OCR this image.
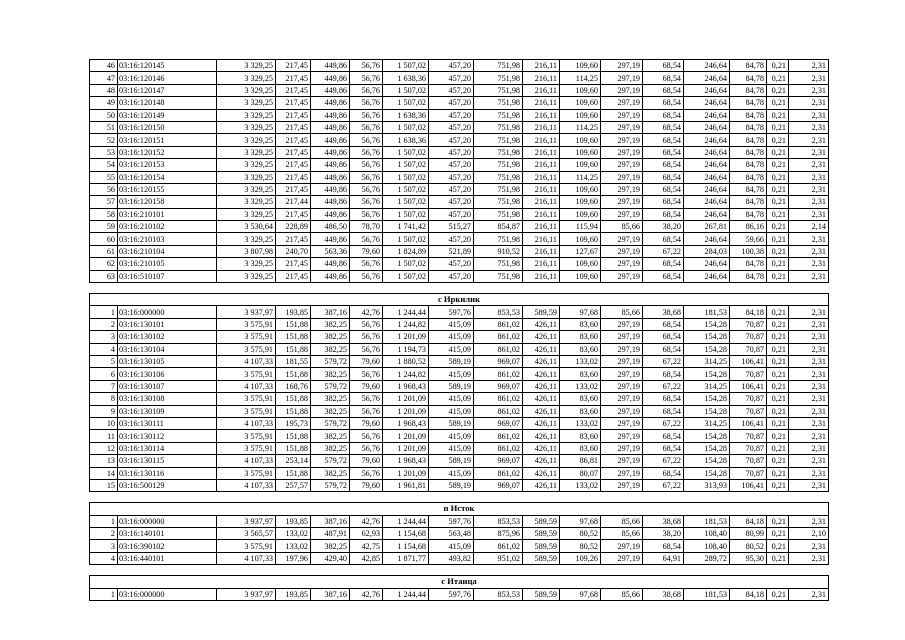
46	03:16:120145	3 329,25	217,45	449,86	56,76	1 507,02	457,20	751,98	216,11	109,60	297,19	68,54	246,64	84,78	0,21	2,31
47	03:16:120146	3 329,25	217,45	449,86	56,76	1 638,36	457,20	751,98	216,11	114,25	297,19	68,54	246,64	84,78	0,21	2,31
48	03:16:120147	3 329,25	217,45	449,86	56,76	1 507,02	457,20	751,98	216,11	109,60	297,19	68,54	246,64	84,78	0,21	2,31
49	03:16:120148	3 329,25	217,45	449,86	56,76	1 507,02	457,20	751,98	216,11	109,60	297,19	68,54	246,64	84,78	0,21	2,31
50	03:16:120149	3 329,25	217,45	449,86	56,76	1 638,36	457,20	751,98	216,11	109,60	297,19	68,54	246,64	84,78	0,21	2,31
51	03:16:120150	3 329,25	217,45	449,86	56,76	1 507,02	457,20	751,98	216,11	114,25	297,19	68,54	246,64	84,78	0,21	2,31
52	03:16:120151	3 329,25	217,45	449,86	56,76	1 638,36	457,20	751,98	216,11	109,60	297,19	68,54	246,64	84,78	0,21	2,31
53	03:16:120152	3 329,25	217,45	449,86	56,76	1 507,02	457,20	751,98	216,11	109,60	297,19	68,54	246,64	84,78	0,21	2,31
54	03:16:120153	3 329,25	217,45	449,86	56,76	1 507,02	457,20	751,98	216,11	109,60	297,19	68,54	246,64	84,78	0,21	2,31
55	03:16:120154	3 329,25	217,45	449,86	56,76	1 507,02	457,20	751,98	216,11	114,25	297,19	68,54	246,64	84,78	0,21	2,31
56	03:16:120155	3 329,25	217,45	449,86	56,76	1 507,02	457,20	751,98	216,11	109,60	297,19	68,54	246,64	84,78	0,21	2,31
57	03:16:120158	3 329,25	217,44	449,86	56,76	1 507,02	457,20	751,98	216,11	109,60	297,19	68,54	246,64	84,78	0,21	2,31
58	03:16:210101	3 329,25	217,45	449,86	56,76	1 507,02	457,20	751,98	216,11	109,60	297,19	68,54	246,64	84,78	0,21	2,31
59	03:16:210102	3 530,64	228,89	486,50	78,70	1 741,42	515,27	854,87	216,11	115,94	85,66	38,20	267,81	86,16	0,21	2,14
60	03:16:210103	3 329,25	217,45	449,86	56,76	1 507,02	457,20	751,98	216,11	109,60	297,19	68,54	246,64	59,66	0,21	2,31
61	03:16:210104	3 807,98	240,70	563,36	79,60	1 824,89	521,89	910,52	216,11	127,67	297,19	67,22	284,03	100,38	0,21	2,31
62	03:16:210105	3 329,25	217,45	449,86	56,76	1 507,02	457,20	751,98	216,11	109,60	297,19	68,54	246,64	84,78	0,21	2,31
63	03:16:510107	3 329,25	217,45	449,86	56,76	1 507,02	457,20	751,98	216,11	109,60	297,19	68,54	246,64	84,78	0,21	2,31

с Иркилик																
1	03:16:000000	3 937,97	193,85	387,16	42,76	1 244,44	597,76	853,53	589,59	97,68	85,66	38,68	181,53	84,18	0,21	2,31
2	03:16:130101	3 575,91	151,88	382,25	56,76	1 244,82	415,09	861,02	426,11	83,60	297,19	68,54	154,28	70,87	0,21	2,31
3	03:16:130102	3 575,91	151,88	382,25	56,76	1 201,09	415,09	861,02	426,11	83,60	297,19	68,54	154,28	70,87	0,21	2,31
4	03:16:130104	3 575,91	151,88	382,25	56,76	1 194,73	415,09	861,02	426,11	83,60	297,19	68,54	154,28	70,87	0,21	2,31
5	03:16:130105	4 107,33	181,55	579,72	79,60	1 880,52	589,19	969,07	426,11	133,02	297,19	67,22	314,25	106,41	0,21	2,31
6	03:16:130106	3 575,91	151,88	382,25	56,76	1 244,82	415,09	861,02	426,11	83,60	297,19	68,54	154,28	70,87	0,21	2,31
7	03:16:130107	4 107,33	168,76	579,72	79,60	1 968,43	589,19	969,07	426,11	133,02	297,19	67,22	314,25	106,41	0,21	2,31
8	03:16:130108	3 575,91	151,88	382,25	56,76	1 201,09	415,09	861,02	426,11	83,60	297,19	68,54	154,28	70,87	0,21	2,31
9	03:16:130109	3 575,91	151,88	382,25	56,76	1 201,09	415,09	861,02	426,11	83,60	297,19	68,54	154,28	70,87	0,21	2,31
10	03:16:130111	4 107,33	195,73	579,72	79,60	1 968,43	589,19	969,07	426,11	133,02	297,19	67,22	314,25	106,41	0,21	2,31
11	03:16:130112	3 575,91	151,88	382,25	56,76	1 201,09	415,09	861,02	426,11	83,60	297,19	68,54	154,28	70,87	0,21	2,31
12	03:16:130114	3 575,91	151,88	382,25	56,76	1 201,09	415,09	861,02	426,11	83,60	297,19	68,54	154,28	70,87	0,21	2,31
13	03:16:130115	4 107,33	253,14	579,72	79,60	1 968,43	589,19	969,07	426,11	86,81	297,19	67,22	154,28	70,87	0,21	2,31
14	03:16:130116	3 575,91	151,88	382,25	56,76	1 201,09	415,09	861,02	426,11	80,07	297,19	68,54	154,28	70,87	0,21	2,31
15	03:16:500129	4 107,33	257,57	579,72	79,60	1 961,81	589,19	969,07	426,11	133,02	297,19	67,22	313,93	106,41	0,21	2,31

п Исток																
1	03:16:000000	3 937,97	193,85	387,16	42,76	1 244,44	597,76	853,53	589,59	97,68	85,66	38,68	181,53	84,18	0,21	2,31
2	03:16:140101	3 565,57	133,02	487,91	62,93	1 154,68	563,48	875,96	589,59	80,52	85,66	38,20	108,40	80,99	0,21	2,10
3	03:16:390102	3 575,91	133,02	382,25	42,75	1 154,68	415,09	861,02	589,59	80,52	297,19	68,54	108,40	80,52	0,21	2,31
4	03:16:440101	4 107,33	197,96	429,40	42,85	1 871,77	493,82	951,02	589,59	109,26	297,19	64,91	289,72	95,30	0,21	2,31

с Итанца																
1	03:16:000000	3 937,97	193,85	387,16	42,76	1 244,44	597,76	853,53	589,59	97,68	85,66	38,68	181,53	84,18	0,21	2,31
